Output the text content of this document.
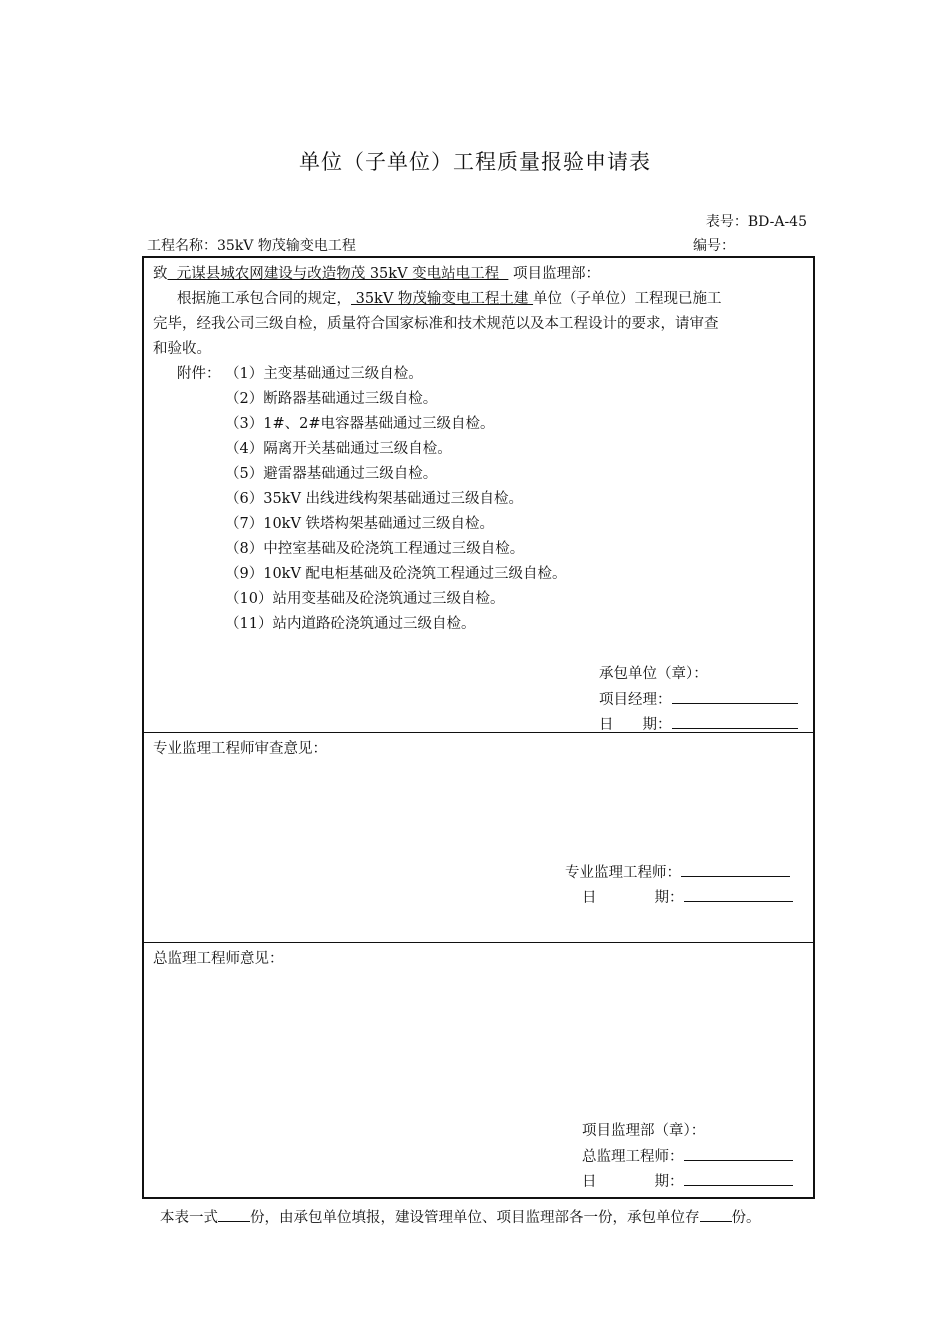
单位（子单位）工程质量报验申请表
表号：BD-A-45
工程名称：35kV 物茂输变电工程	编号：
致  元谋县城农网建设与改造物茂 35kV 变电站电工程   项目监理部：
根据施工承包合同的规定， 35kV 物茂输变电工程土建 单位（子单位）工程现已施工
完毕，经我公司三级自检，质量符合国家标准和技术规范以及本工程设计的要求，请审查
和验收。
附件： （1）主变基础通过三级自检。
（2）断路器基础通过三级自检。
（3）1#、2#电容器基础通过三级自检。
（4）隔离开关基础通过三级自检。
（5）避雷器基础通过三级自检。
（6）35kV 出线进线构架基础通过三级自检。
（7）10kV 铁塔构架基础通过三级自检。
（8）中控室基础及砼浇筑工程通过三级自检。
（9）10kV 配电柜基础及砼浇筑工程通过三级自检。
（10）站用变基础及砼浇筑通过三级自检。
（11）站内道路砼浇筑通过三级自检。
承包单位（章）：
项目经理：
日　　期：
专业监理工程师审查意见：
专业监理工程师：
日　　　　期：
总监理工程师意见：
项目监理部（章）：
总监理工程师：
日　　　　期：
本表一式 份，由承包单位填报，建设管理单位、项目监理部各一份，承包单位存 份。
